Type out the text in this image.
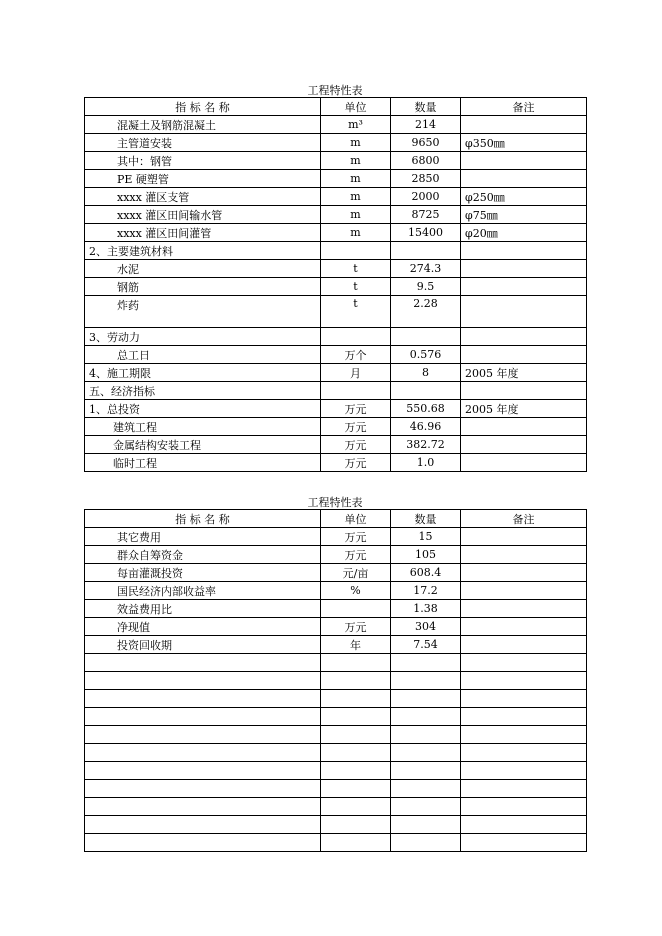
工程特性表
指 标 名 称	单位	数量	备注
混凝土及钢筋混凝土	m³	214	
主管道安装	m	9650	φ350㎜
其中：钢管	m	6800	
PE 硬塑管	m	2850	
xxxx 灌区支管	m	2000	φ250㎜
xxxx 灌区田间输水管	m	8725	φ75㎜
xxxx 灌区田间灌管	m	15400	φ20㎜
2、主要建筑材料			
水泥	t	274.3	
钢筋	t	9.5	
炸药	t	2.28	
3、劳动力			
总工日	万个	0.576	
4、施工期限	月	8	2005 年度
五、经济指标			
1、总投资	万元	550.68	2005 年度
建筑工程	万元	46.96	
金属结构安装工程	万元	382.72	
临时工程	万元	1.0	
工程特性表
指 标 名 称	单位	数量	备注
其它费用	万元	15	
群众自筹资金	万元	105	
每亩灌溉投资	元/亩	608.4	
国民经济内部收益率	%	17.2	
效益费用比		1.38	
净现值	万元	304	
投资回收期	年	7.54	
